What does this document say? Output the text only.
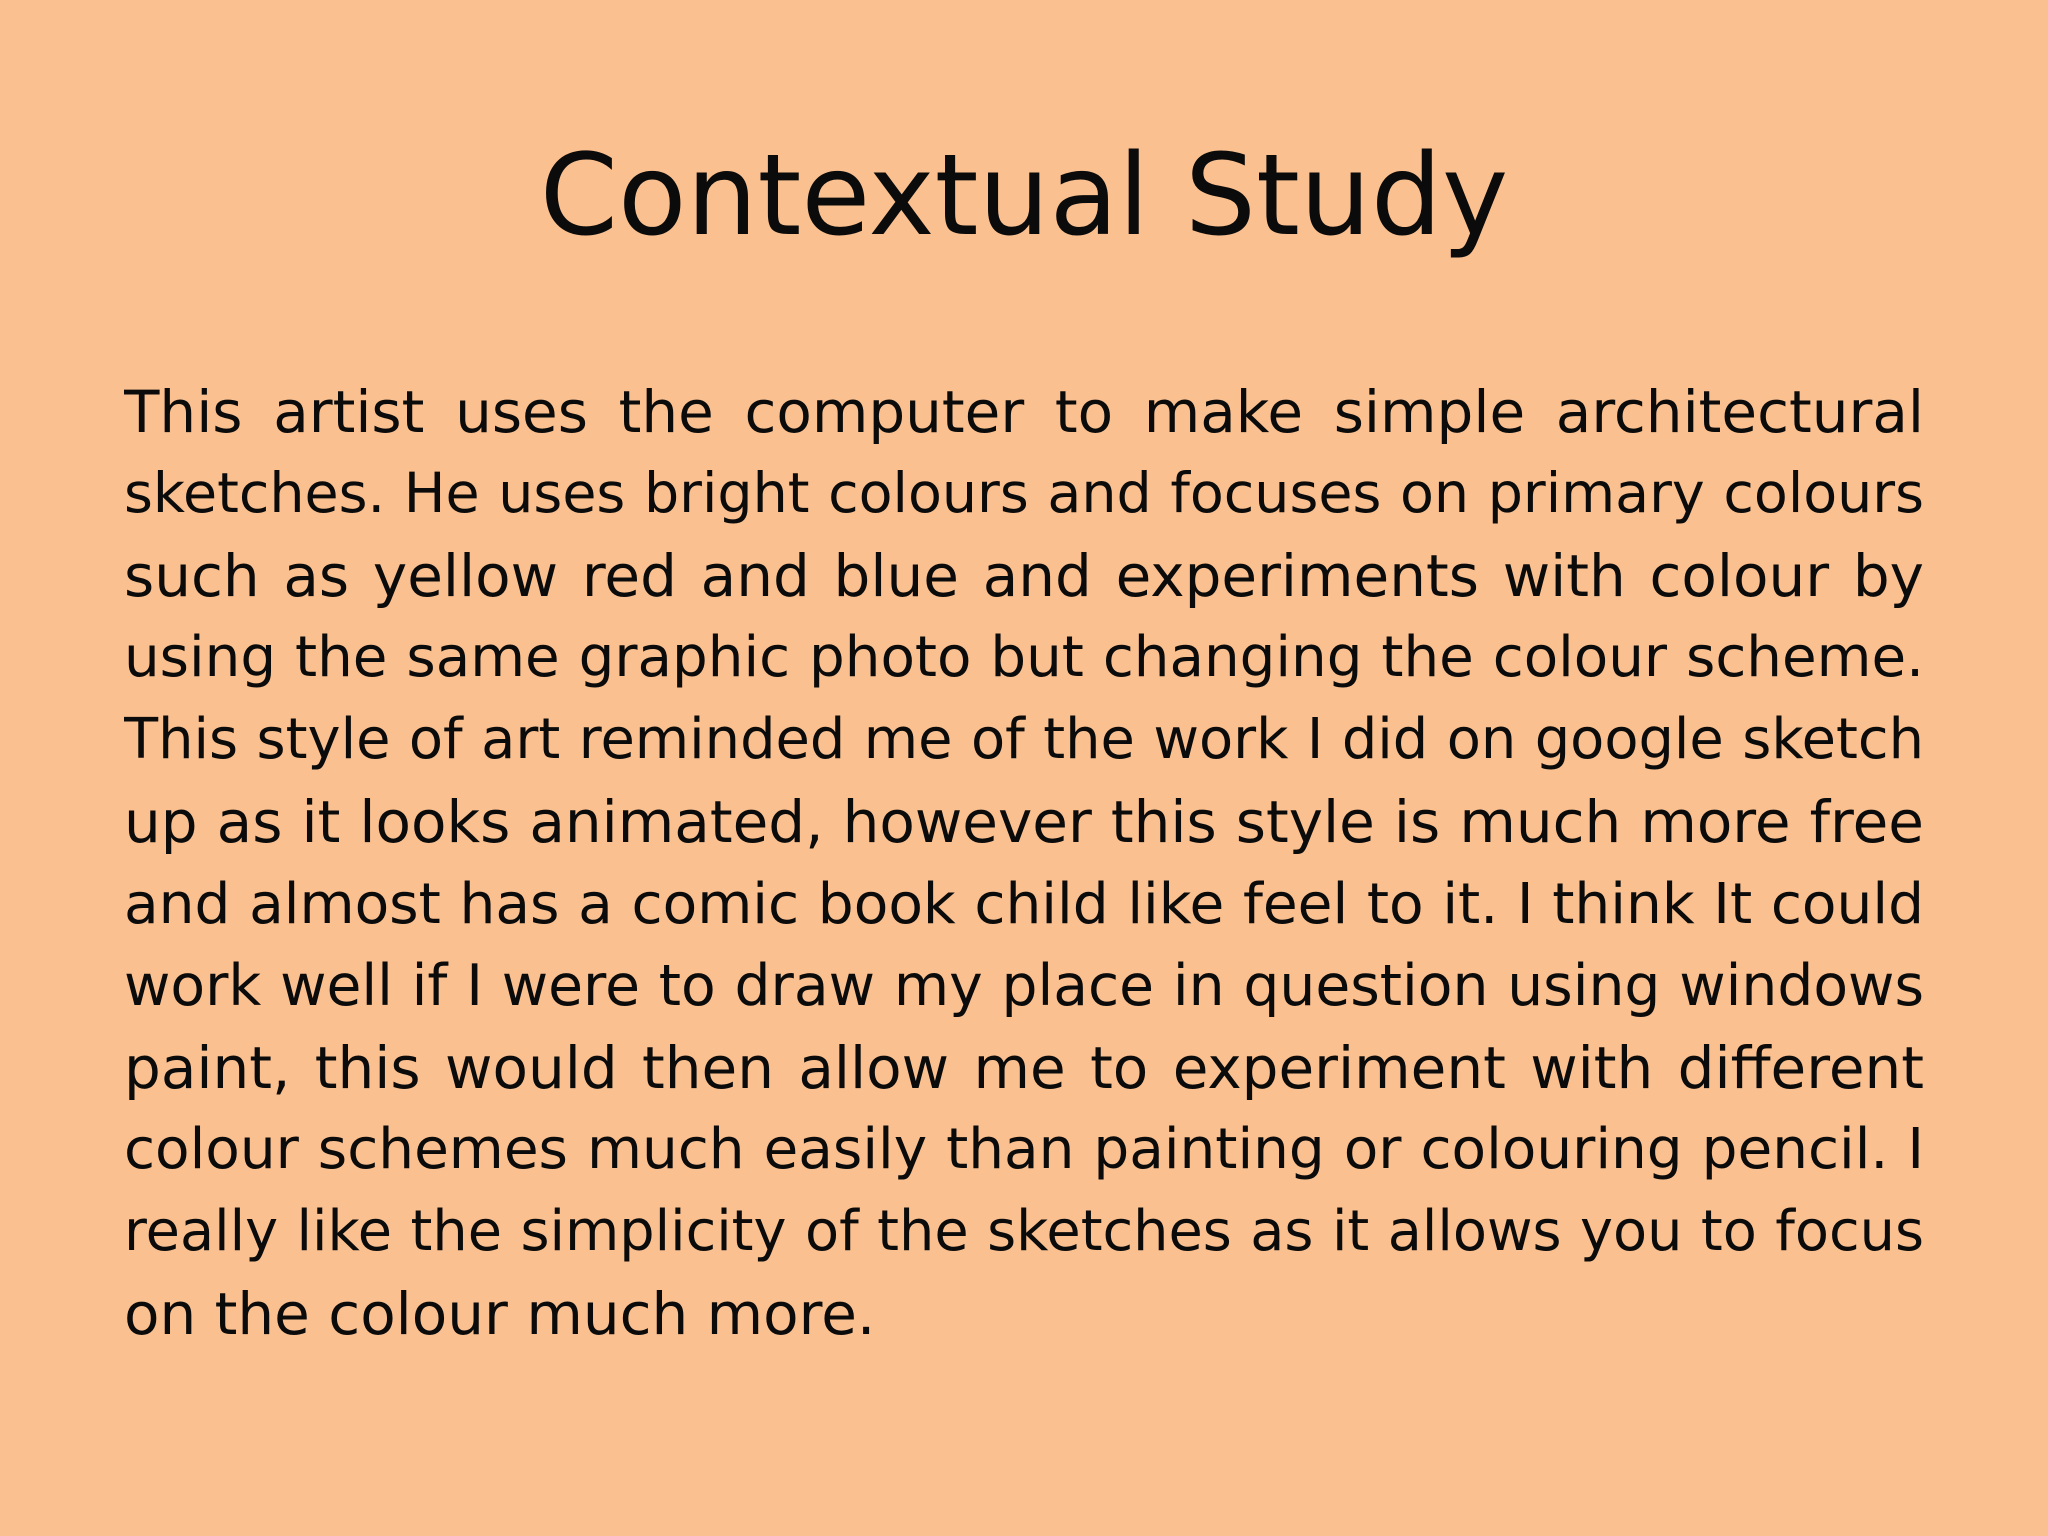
Contextual Study
This artist uses the computer to make simple architectural
sketches. He uses bright colours and focuses on primary colours
such as yellow red and blue and experiments with colour by
using the same graphic photo but changing the colour scheme.
This style of art reminded me of the work I did on google sketch
up as it looks animated, however this style is much more free
and almost has a comic book child like feel to it. I think It could
work well if I were to draw my place in question using windows
paint, this would then allow me to experiment with different
colour schemes much easily than painting or colouring pencil. I
really like the simplicity of the sketches as it allows you to focus
on the colour much more.
